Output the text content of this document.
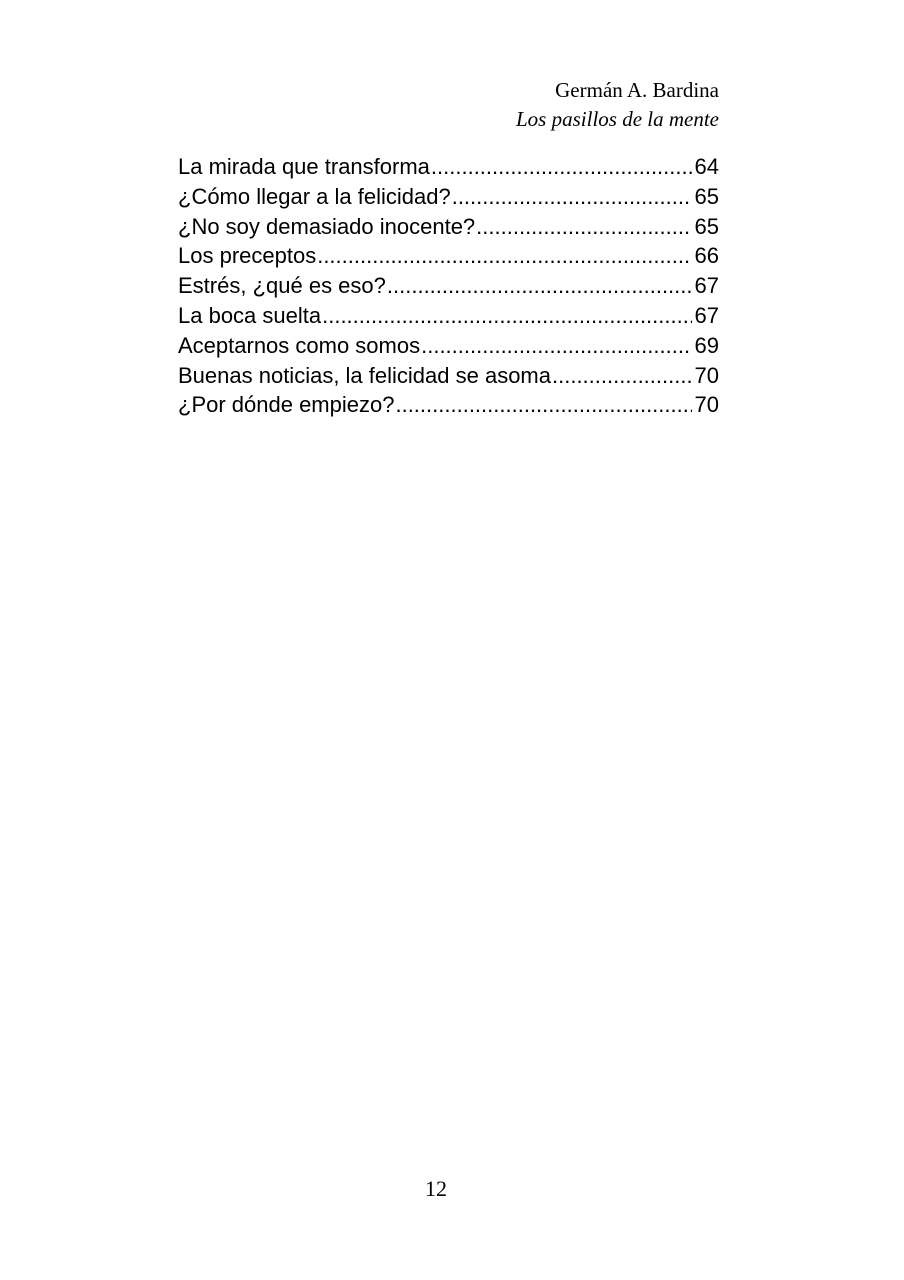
Germán A. Bardina
Los pasillos de la mente
La mirada que transforma .....	64
¿Cómo llegar a la felicidad? .....	65
¿No soy demasiado inocente? .....	65
Los preceptos .....	66
Estrés, ¿qué es eso? .....	67
La boca suelta .....	67
Aceptarnos como somos .....	69
Buenas noticias, la felicidad se asoma .....	70
¿Por dónde empiezo? .....	70
12
